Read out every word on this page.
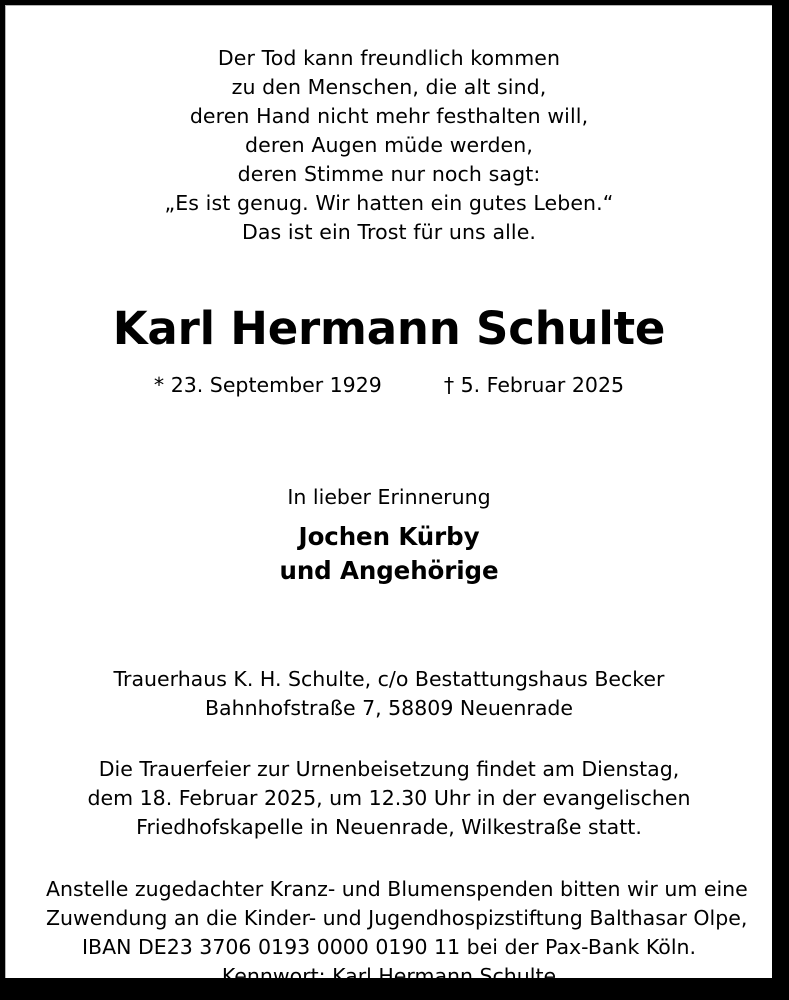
Der Tod kann freundlich kommen
zu den Menschen, die alt sind,
deren Hand nicht mehr festhalten will,
deren Augen müde werden,
deren Stimme nur noch sagt:
„Es ist genug. Wir hatten ein gutes Leben.“
Das ist ein Trost für uns alle.
Karl Hermann Schulte
* 23. September 1929	† 5. Februar 2025
In lieber Erinnerung
Jochen Kürby
und Angehörige
Trauerhaus K. H. Schulte, c/o Bestattungshaus Becker
Bahnhofstraße 7, 58809 Neuenrade
Die Trauerfeier zur Urnenbeisetzung findet am Dienstag,
dem 18. Februar 2025, um 12.30 Uhr in der evangelischen
Friedhofskapelle in Neuenrade, Wilkestraße statt.
Anstelle zugedachter Kranz- und Blumenspenden bitten wir um eine
Zuwendung an die Kinder- und Jugendhospizstiftung Balthasar Olpe,
IBAN DE23 3706 0193 0000 0190 11 bei der Pax-Bank Köln.
Kennwort: Karl Hermann Schulte
